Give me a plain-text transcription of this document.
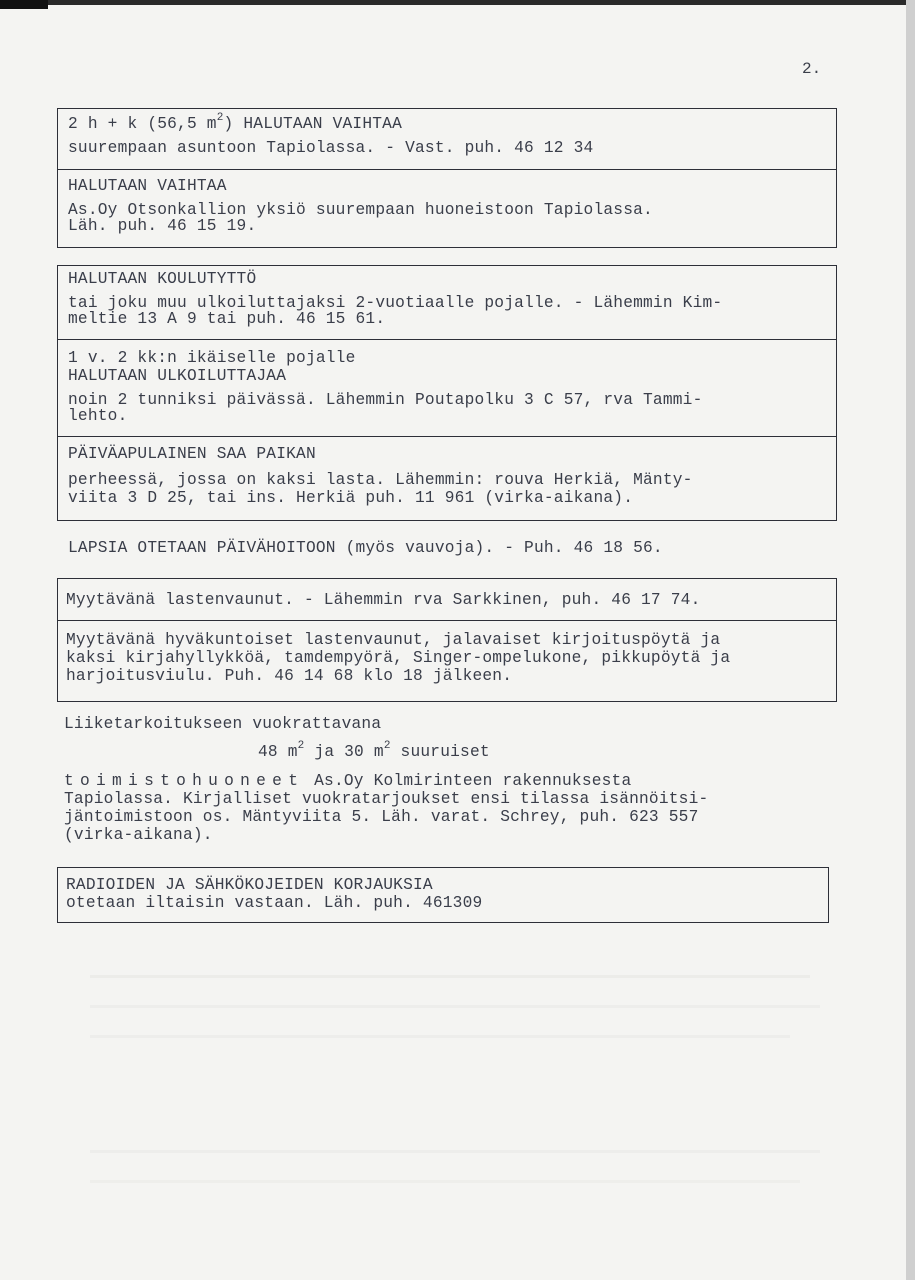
2.

2 h + k (56,5 $m^2$) HALUTAAN VAIHTAA

suurempaan asuntoon Tapiolassa. - Vast. puh. 46 12 34

HALUTAAN VAIHTAA

As.Oy Otsonkallion yksiö suurempaan huoneistoon Tapiolassa.

Läh. puh. 46 15 19.

HALUTAAN KOULUTYTTÖ

tai joku muu ulkoiluttajaksi 2-vuotiaalle pojalle. - Lähemmin Kim-

meltie 13 A 9 tai puh. 46 15 61.

1 v. 2 kk:n ikäiselle pojalle

HALUTAAN ULKOILUTTAJAA

noin 2 tunniksi päivässä. Lähemmin Poutapolku 3 C 57, rva Tammi-

lehto.

PÄIVÄAPULAINEN SAA PAIKAN

perheessä, jossa on kaksi lasta. Lähemmin: rouva Herkiä, Mänty-

viita 3 D 25, tai ins. Herkiä puh. 11 961 (virka-aikana).

LAPSIA OTETAAN PÄIVÄHOITOON (myös vauvoja). - Puh. 46 18 56.

Myytävänä lastenvaunut. - Lähemmin rva Sarkkinen, puh. 46 17 74.

Myytävänä hyväkuntoiset lastenvaunut, jalavaiset kirjoituspöytä ja

kaksi kirjahyllykköä, tamdempyörä, Singer-ompelukone, pikkupöytä ja

harjoitusviulu. Puh. 46 14 68 klo 18 jälkeen.

Liiketarkoitukseen vuokrattavana

48 $m^2$ ja 30 $m^2$ suuruiset

toimistohuoneet As.Oy Kolmirinteen rakennuksesta

Tapiolassa. Kirjalliset vuokratarjoukset ensi tilassa isännöitsi-

jäntoimistoon os. Mäntyviita 5. Läh. varat. Schrey, puh. 623 557

(virka-aikana).

RADIOIDEN JA SÄHKÖKOJEIDEN KORJAUKSIA

otetaan iltaisin vastaan. Läh. puh. 461309
